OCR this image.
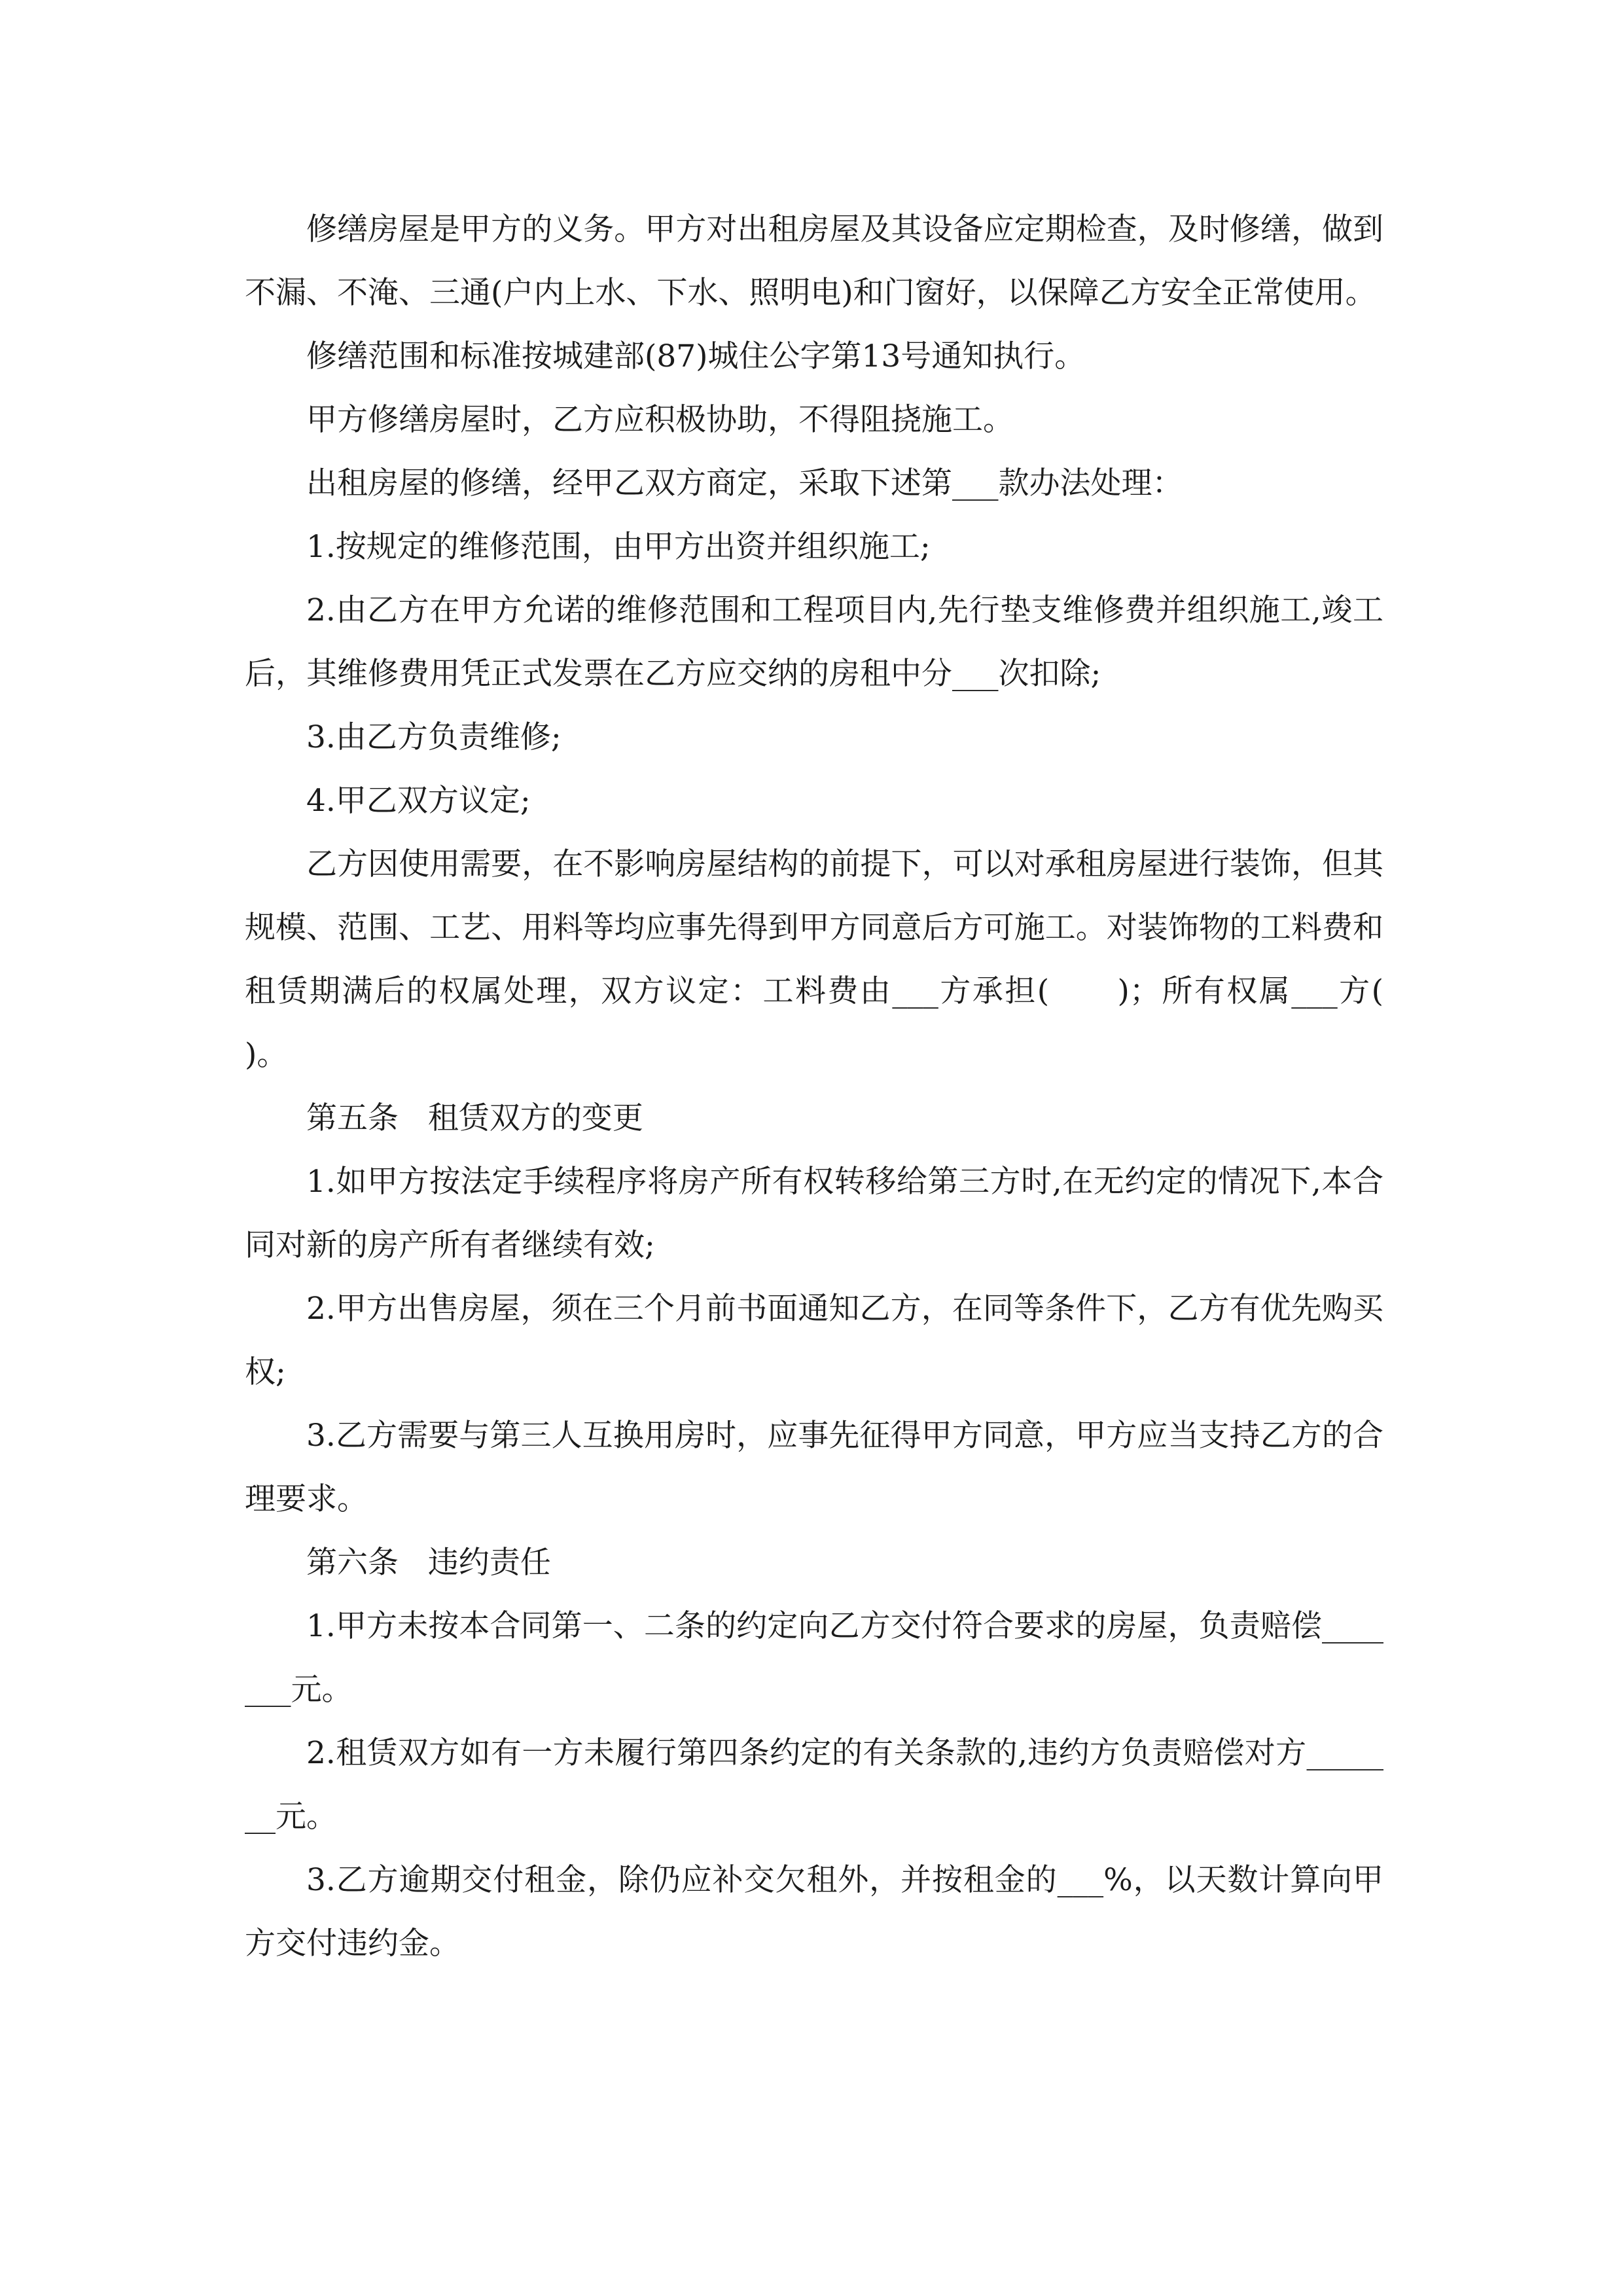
修缮房屋是甲方的义务。甲方对出租房屋及其设备应定期检查，及时修缮，做到不漏、不淹、三通(户内上水、下水、照明电)和门窗好，以保障乙方安全正常使用。

修缮范围和标准按城建部(87)城住公字第13号通知执行。

甲方修缮房屋时，乙方应积极协助，不得阻挠施工。

出租房屋的修缮，经甲乙双方商定，采取下述第___款办法处理：

1.按规定的维修范围，由甲方出资并组织施工;

2.由乙方在甲方允诺的维修范围和工程项目内,先行垫支维修费并组织施工,竣工后，其维修费用凭正式发票在乙方应交纳的房租中分___次扣除;

3.由乙方负责维修;

4.甲乙双方议定;

乙方因使用需要，在不影响房屋结构的前提下，可以对承租房屋进行装饰，但其规模、范围、工艺、用料等均应事先得到甲方同意后方可施工。对装饰物的工料费和租赁期满后的权属处理，双方议定：工料费由___方承担(      )；所有权属___方(      )。

第五条   租赁双方的变更

1.如甲方按法定手续程序将房产所有权转移给第三方时,在无约定的情况下,本合同对新的房产所有者继续有效;

2.甲方出售房屋，须在三个月前书面通知乙方，在同等条件下，乙方有优先购买权;

3.乙方需要与第三人互换用房时，应事先征得甲方同意，甲方应当支持乙方的合理要求。

第六条   违约责任

1.甲方未按本合同第一、二条的约定向乙方交付符合要求的房屋，负责赔偿_______元。

2.租赁双方如有一方未履行第四条约定的有关条款的,违约方负责赔偿对方_______元。

3.乙方逾期交付租金，除仍应补交欠租外，并按租金的___%，以天数计算向甲方交付违约金。
